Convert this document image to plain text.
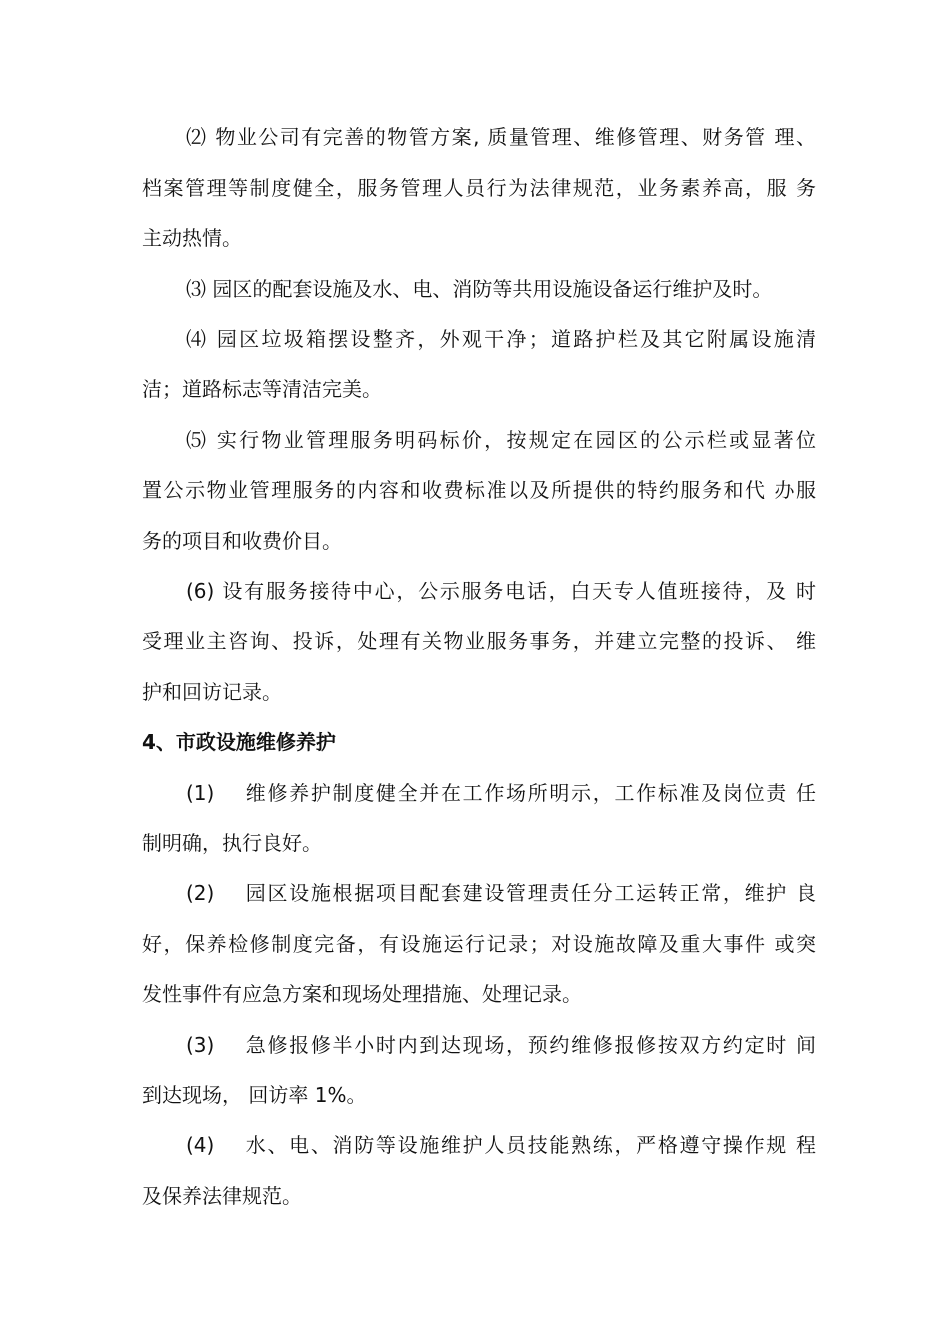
⑵ 物业公司有完善的物管方案, 质量管理、维修管理、财务管 理、
档案管理等制度健全，服务管理人员行为法律规范，业务素养高，服 务
主动热情。
⑶ 园区的配套设施及水、电、消防等共用设施设备运行维护及时。
⑷ 园区垃圾箱摆设整齐，外观干净；道路护栏及其它附属设施清
洁；道路标志等清洁完美。
⑸ 实行物业管理服务明码标价，按规定在园区的公示栏或显著位
置公示物业管理服务的内容和收费标准以及所提供的特约服务和代 办服
务的项目和收费价目。
(6) 设有服务接待中心，公示服务电话，白天专人值班接待，及 时
受理业主咨询、投诉，处理有关物业服务事务，并建立完整的投诉、 维
护和回访记录。
4、市政设施维修养护
(1)　 维修养护制度健全并在工作场所明示，工作标准及岗位责 任
制明确，执行良好。
(2)　 园区设施根据项目配套建设管理责任分工运转正常，维护 良
好，保养检修制度完备，有设施运行记录；对设施故障及重大事件 或突
发性事件有应急方案和现场处理措施、处理记录。
(3)　 急修报修半小时内到达现场，预约维修报修按双方约定时 间
到达现场， 回访率 1%。
(4)　 水、电、消防等设施维护人员技能熟练，严格遵守操作规 程
及保养法律规范。
